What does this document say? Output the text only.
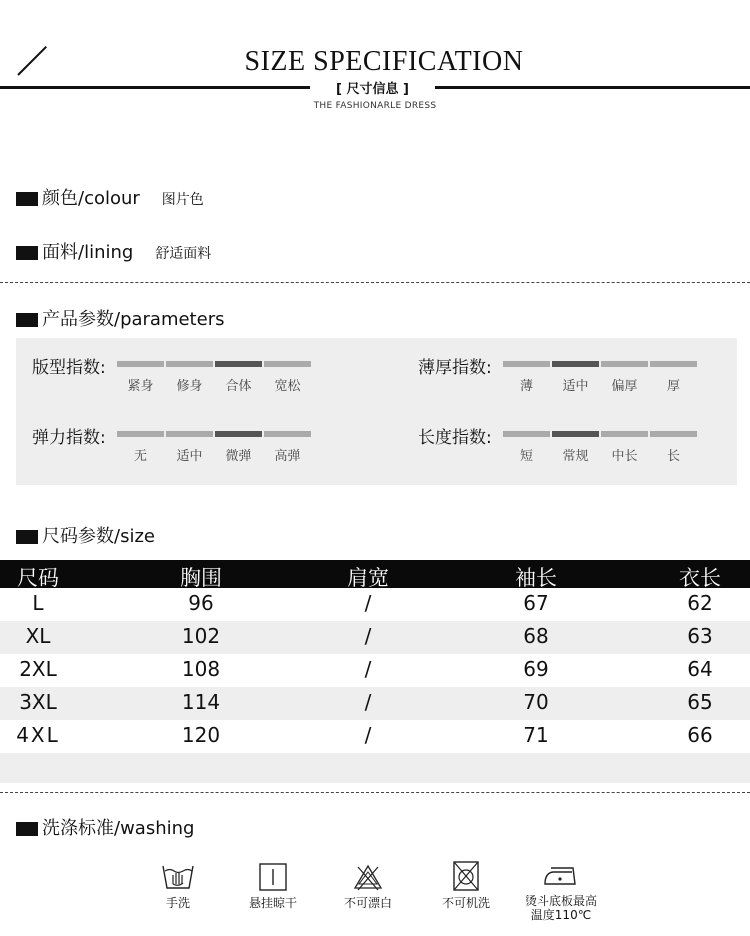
SIZE SPECIFICATION
[ 尺寸信息 ]
THE FASHIONARLE DRESS
颜色/colour 图片色
面料/lining 舒适面料
产品参数/parameters
版型指数:
紧身	修身	合体	宽松
薄厚指数:
薄	适中	偏厚	厚
弹力指数:
无	适中	微弹	高弹
长度指数:
短	常规	中长	长
尺码参数/size
尺码	胸围	肩宽	袖长	衣长
L	96	/	67	62
XL	102	/	68	63
2XL	108	/	69	64
3XL	114	/	70	65
4XL	120	/	71	66
洗涤标准/washing
手洗	悬挂晾干	不可漂白	不可机洗	烫斗底板最高
温度110℃
